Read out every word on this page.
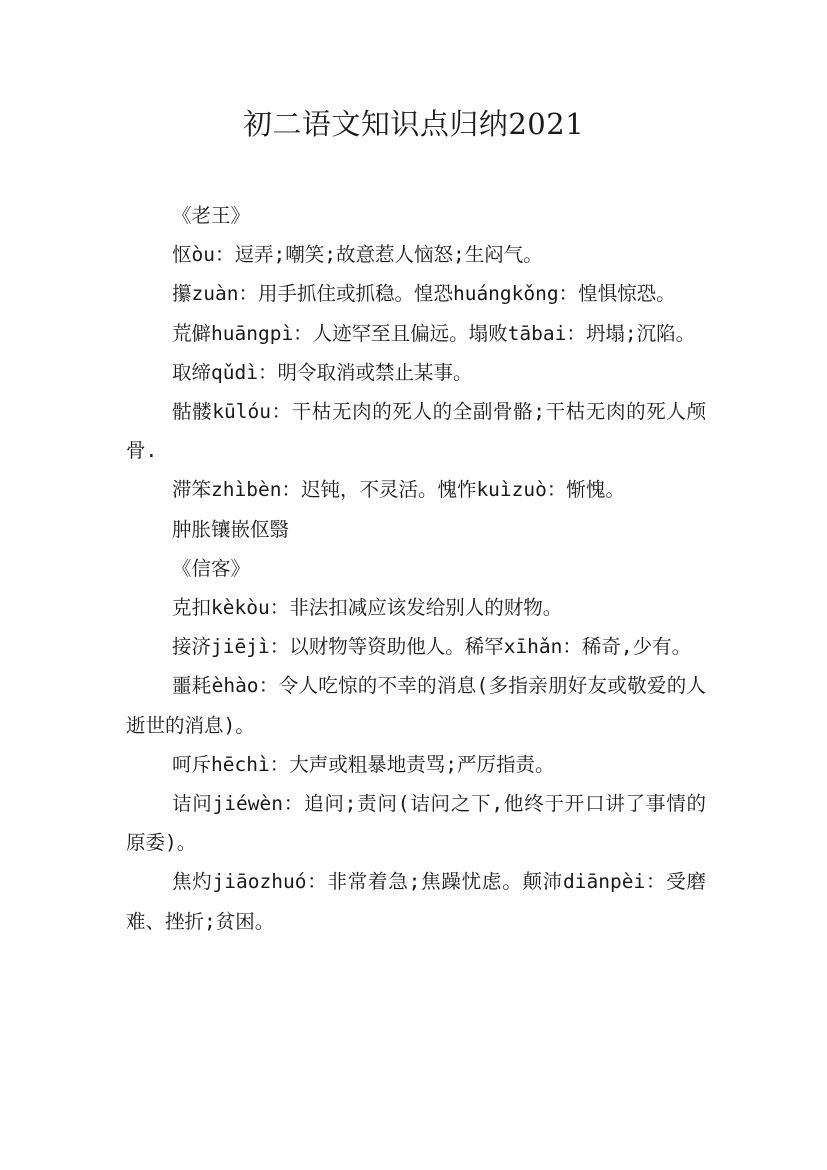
初二语文知识点归纳2021

《老王》

怄òu：逗弄;嘲笑;故意惹人恼怒;生闷气。

攥zuàn：用手抓住或抓稳。惶恐huángkǒng：惶惧惊恐。

荒僻huāngpì：人迹罕至且偏远。塌败tābai：坍塌;沉陷。

取缔qǔdì：明令取消或禁止某事。

骷髅kūlóu：干枯无肉的死人的全副骨骼;干枯无肉的死人颅骨.

滞笨zhìbèn：迟钝，不灵活。愧怍kuìzuò：惭愧。

肿胀镶嵌伛翳

《信客》

克扣kèkòu：非法扣减应该发给别人的财物。

接济jiējì：以财物等资助他人。稀罕xīhǎn：稀奇,少有。

噩耗èhào：令人吃惊的不幸的消息(多指亲朋好友或敬爱的人逝世的消息)。

呵斥hēchì：大声或粗暴地责骂;严厉指责。

诘问jiéwèn：追问;责问(诘问之下,他终于开口讲了事情的原委)。

焦灼jiāozhuó：非常着急;焦躁忧虑。颠沛diānpèi：受磨难、挫折;贫困。
